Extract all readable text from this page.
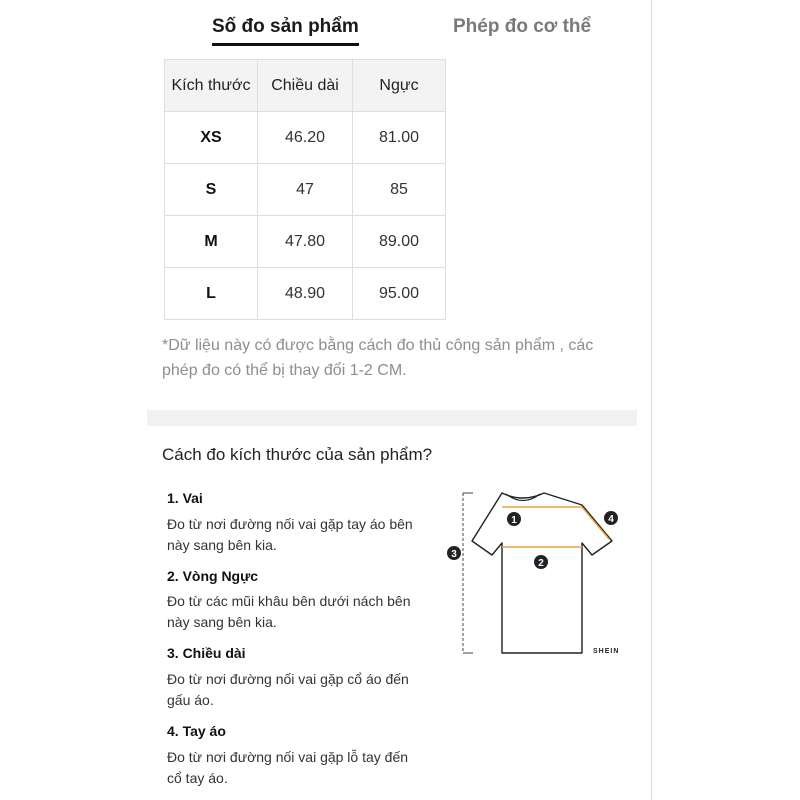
Số đo sản phẩm	Phép đo cơ thể
Kích thước	Chiều dài	Ngực
XS	46.20	81.00
S	47	85
M	47.80	89.00
L	48.90	95.00
*Dữ liệu này có được bằng cách đo thủ công sản phẩm , các phép đo có thể bị thay đổi 1-2 CM.
Cách đo kích thước của sản phẩm?
1. Vai
Đo từ nơi đường nối vai gặp tay áo bên này sang bên kia.
2. Vòng Ngực
Đo từ các mũi khâu bên dưới nách bên này sang bên kia.
3. Chiều dài
Đo từ nơi đường nối vai gặp cổ áo đến gấu áo.
4. Tay áo
Đo từ nơi đường nối vai gặp lỗ tay đến cổ tay áo.
1
2
3
4
SHEIN
